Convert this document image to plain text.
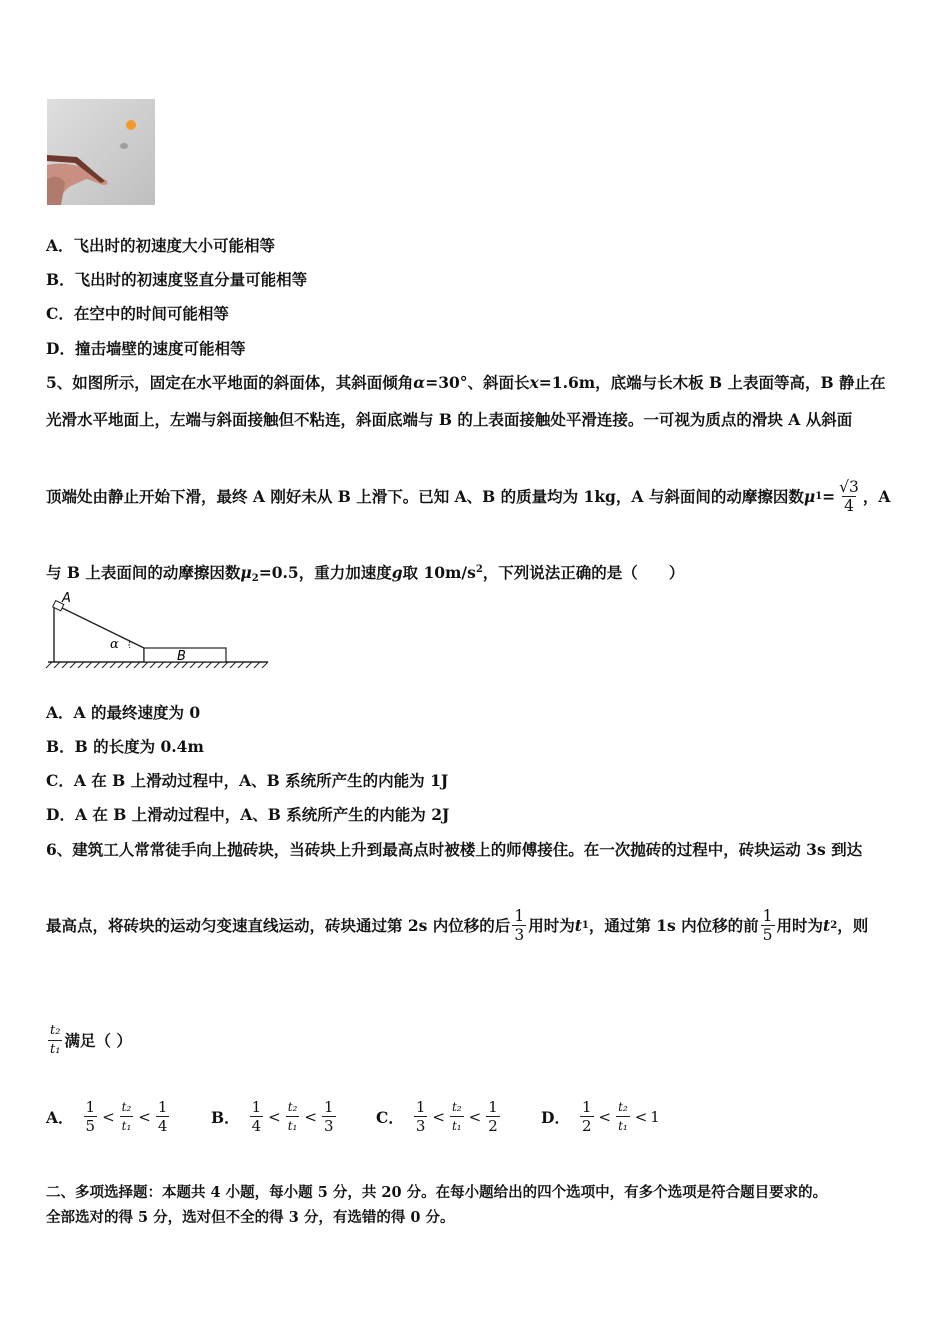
A．飞出时的初速度大小可能相等
B．飞出时的初速度竖直分量可能相等
C．在空中的时间可能相等
D．撞击墙壁的速度可能相等
5、如图所示，固定在水平地面的斜面体，其斜面倾角α=30°、斜面长x=1.6m，底端与长木板 B 上表面等高，B 静止在
光滑水平地面上，左端与斜面接触但不粘连，斜面底端与 B 的上表面接触处平滑连接。一可视为质点的滑块 A 从斜面
顶端处由静止开始下滑，最终 A 刚好未从 B 上滑下。已知 A、B 的质量均为 1kg，A 与斜面间的动摩擦因数 μ $1 = \frac{√3}{4}$ ，A
与 B 上表面间的动摩擦因数$\mu_2=0.5$，重力加速度g取 $10m/s^2$，下列说法正确的是（　　）
A
B
α
A．A 的最终速度为 0
B．B 的长度为 0.4m
C．A 在 B 上滑动过程中，A、B 系统所产生的内能为 1J
D．A 在 B 上滑动过程中，A、B 系统所产生的内能为 2J
6、建筑工人常常徒手向上抛砖块，当砖块上升到最高点时被楼上的师傅接住。在一次抛砖的过程中，砖块运动 3s 到达
最高点，将砖块的运动匀变速直线运动，砖块通过第 2s 内位移的后 $\frac{1}{3}$ 用时为 t 1 ，通过第 1s 内位移的前 $\frac{1}{5}$ 用时为 t 2 ，则
$\frac{\text{t₂}}{\text{t₁}}$ 满足（ ）
A． $\frac{1}{5} < \frac{\text{t₂}}{\text{t₁}} < \frac{1}{4}$	B． $\frac{1}{4} < \frac{\text{t₂}}{\text{t₁}} < \frac{1}{3}$	C． $\frac{1}{3} < \frac{\text{t₂}}{\text{t₁}} < \frac{1}{2}$	D． $\frac{1}{2} < \frac{\text{t₂}}{\text{t₁}} < 1$
二、多项选择题：本题共 4 小题，每小题 5 分，共 20 分。在每小题给出的四个选项中，有多个选项是符合题目要求的。
全部选对的得 5 分，选对但不全的得 3 分，有选错的得 0 分。
